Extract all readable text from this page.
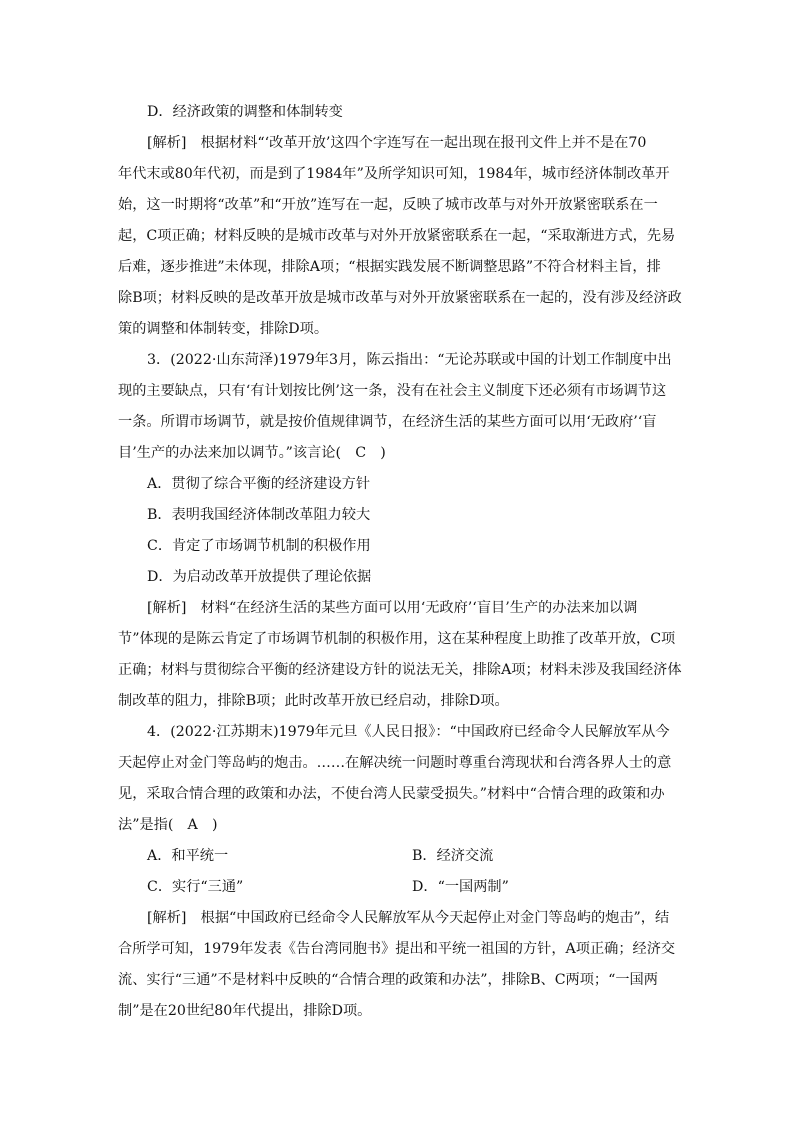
D．经济政策的调整和体制转变

[解析]　 根据材料“‘改革开放’这四个字连写在一起出现在报刊文件上并不是在70

年代末或80年代初，而是到了1984年”及所学知识可知，1984年，城市经济体制改革开

始，这一时期将“改革”和“开放”连写在一起，反映了城市改革与对外开放紧密联系在一

起，C项正确；材料反映的是城市改革与对外开放紧密联系在一起，“采取渐进方式，先易

后难，逐步推进”未体现，排除A项；“根据实践发展不断调整思路”不符合材料主旨，排

除B项；材料反映的是改革开放是城市改革与对外开放紧密联系在一起的，没有涉及经济政

策的调整和体制转变，排除D项。

3．(2022·山东菏泽)1979年3月，陈云指出：“无论苏联或中国的计划工作制度中出

现的主要缺点，只有‘有计划按比例’这一条，没有在社会主义制度下还必须有市场调节这

一条。所谓市场调节，就是按价值规律调节，在经济生活的某些方面可以用‘无政府’‘盲

目’生产的办法来加以调节。”该言论(　C　)

A．贯彻了综合平衡的经济建设方针

B．表明我国经济体制改革阻力较大

C．肯定了市场调节机制的积极作用

D．为启动改革开放提供了理论依据

[解析]　 材料“在经济生活的某些方面可以用‘无政府’‘盲目’生产的办法来加以调

节”体现的是陈云肯定了市场调节机制的积极作用，这在某种程度上助推了改革开放，C项

正确；材料与贯彻综合平衡的经济建设方针的说法无关，排除A项；材料未涉及我国经济体

制改革的阻力，排除B项；此时改革开放已经启动，排除D项。

4．(2022·江苏期末)1979年元旦《人民日报》：“中国政府已经命令人民解放军从今

天起停止对金门等岛屿的炮击。……在解决统一问题时尊重台湾现状和台湾各界人士的意

见，采取合情合理的政策和办法，不使台湾人民蒙受损失。”材料中“合情合理的政策和办

法”是指(　A　)

A．和平统一	B．经济交流
C．实行“三通”	D．“一国两制”

[解析]　 根据“中国政府已经命令人民解放军从今天起停止对金门等岛屿的炮击”，结

合所学可知，1979年发表《告台湾同胞书》提出和平统一祖国的方针，A项正确；经济交

流、实行“三通”不是材料中反映的“合情合理的政策和办法”，排除B、C两项；“一国两

制”是在20世纪80年代提出，排除D项。
